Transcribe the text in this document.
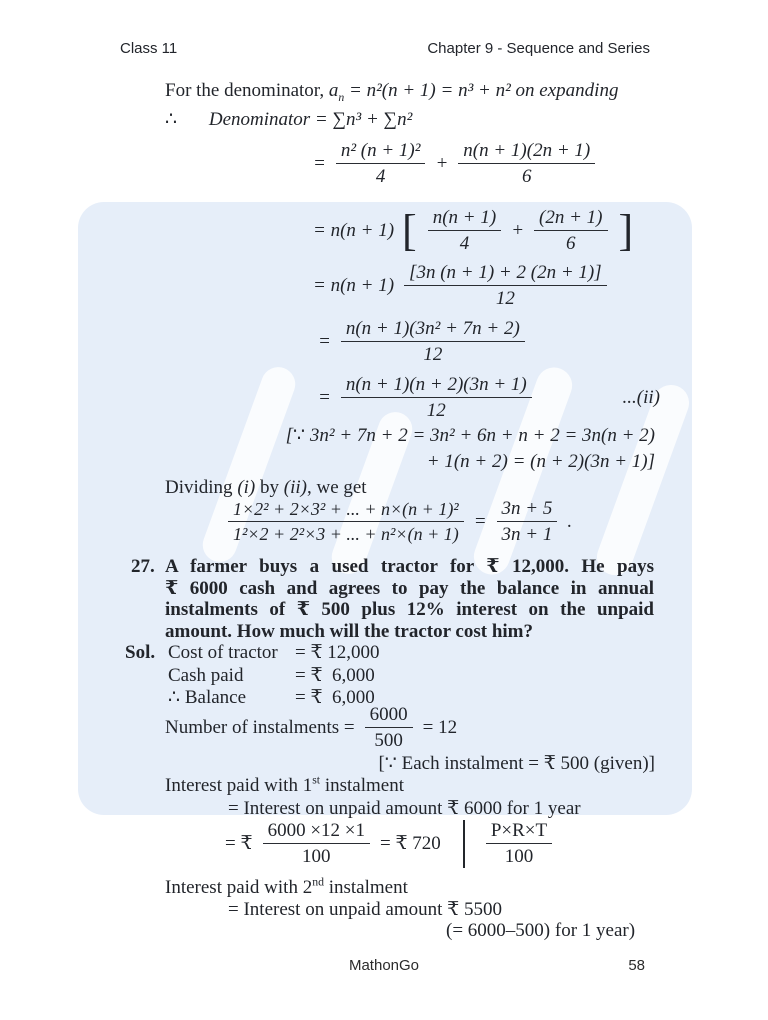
Class 11	Chapter 9 - Sequence and Series
For the denominator, $a_n = n^2(n + 1) = n^3 + n^2$ on expanding
∴ Denominator = ∑n³ + ∑n²
= $\frac{\text{n² (n + 1)²}}{4} + \frac{n(n + 1)(2n + 1)}{6}$
= n(n + 1) [ $\frac{n(n + 1)}{4} + \frac{(2n + 1)}{6}$ ]
= $n(n + 1) \frac{[3n (n + 1) + 2 (2n + 1)]}{12}$
= $\frac{\text{n(n + 1)(3n² + 7n + 2)}}{12}$
= $\frac{n(n + 1)(n + 2)(3n + 1)}{12}$	...(ii)
[∵ 3n² + 7n + 2 = 3n² + 6n + n + 2 = 3n(n + 2)
+ 1(n + 2) = (n + 2)(3n + 1)]
Dividing (i) by (ii), we get
$\frac{\text{1×2² + 2×3² + ... + n×(n + 1)²}}{\text{1²×2 + 2²×3 + ... + n²×(n + 1)}} = \frac{3n + 5}{3n + 1}$ .
27. A farmer buys a used tractor for ₹ 12,000. He pays
₹ 6000 cash and agrees to pay the balance in annual
instalments of ₹ 500 plus 12% interest on the unpaid
amount. How much will the tractor cost him?
Sol. Cost of tractor = ₹ 12,000
Cash paid	= ₹  6,000
∴ Balance	= ₹  6,000
Number of instalments = $\frac{6000}{500} = 12$
[∵ Each instalment = ₹ 500 (given)]
Interest paid with 1st instalment
= Interest on unpaid amount ₹ 6000 for 1 year
= ₹ $\frac{6000 \times 12 \times 1}{100}$ = ₹ $720 \frac{P\times R\times T}{100}$
Interest paid with 2nd instalment
= Interest on unpaid amount ₹ 5500
(= 6000–500) for 1 year)
MathonGo	58
